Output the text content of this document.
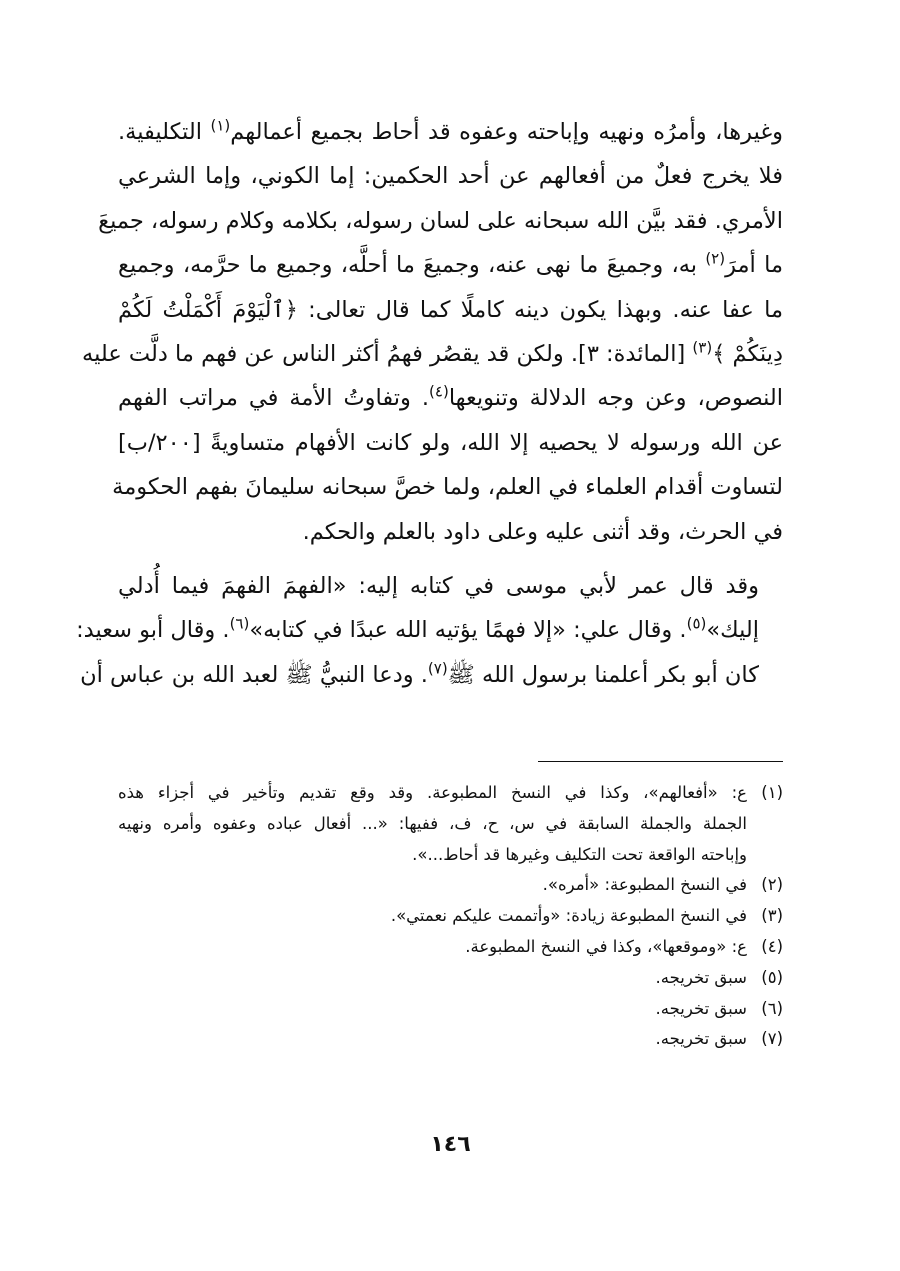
وغيرها، وأمرُه ونهيه وإباحته وعفوه قد أحاط بجميع أعمالهم$^{(١)}$ التكليفية.
فلا يخرج فعلٌ من أفعالهم عن أحد الحكمين: إما الكوني، وإما الشرعي
الأمري. فقد بيَّن الله سبحانه على لسان رسوله، بكلامه وكلام رسوله، جميعَ
ما أمرَ$^{(٢)}$ به، وجميعَ ما نهى عنه، وجميعَ ما أحلَّه، وجميع ما حرَّمه، وجميع
ما عفا عنه. وبهذا يكون دينه كاملًا كما قال تعالى: ﴿ٱلْيَوْمَ أَكْمَلْتُ لَكُمْ
دِينَكُمْ ﴾$^{(٣)}$ [المائدة: ٣]. ولكن قد يقصُر فهمُ أكثر الناس عن فهم ما دلَّت عليه
النصوص، وعن وجه الدلالة وتنويعها$^{(٤)}$. وتفاوتُ الأمة في مراتب الفهم
عن الله ورسوله لا يحصيه إلا الله، ولو كانت الأفهام متساويةً [٢٠٠/ب]
لتساوت أقدام العلماء في العلم، ولما خصَّ سبحانه سليمانَ بفهم الحكومة
في الحرث، وقد أثنى عليه وعلى داود بالعلم والحكم.

وقد قال عمر لأبي موسى في كتابه إليه: «الفهمَ الفهمَ فيما أُدلي
إليك»$^{(٥)}$. وقال علي: «إلا فهمًا يؤتيه الله عبدًا في كتابه»$^{(٦)}$. وقال أبو سعيد:
كان أبو بكر أعلمنا برسول الله ﷺ$^{(٧)}$. ودعا النبيُّ ﷺ لعبد الله بن عباس أن

(١)
ع: «أفعالهم»، وكذا في النسخ المطبوعة. وقد وقع تقديم وتأخير في أجزاء هذه
الجملة والجملة السابقة في س، ح، ف، ففيها: «... أفعال عباده وعفوه وأمره ونهيه
وإباحته الواقعة تحت التكليف وغيرها قد أحاط...».
(٢)
في النسخ المطبوعة: «أمره».
(٣)
في النسخ المطبوعة زيادة: «وأتممت عليكم نعمتي».
(٤)
ع: «وموقعها»، وكذا في النسخ المطبوعة.
(٥)
سبق تخريجه.
(٦)
سبق تخريجه.
(٧)
سبق تخريجه.
١٤٦
